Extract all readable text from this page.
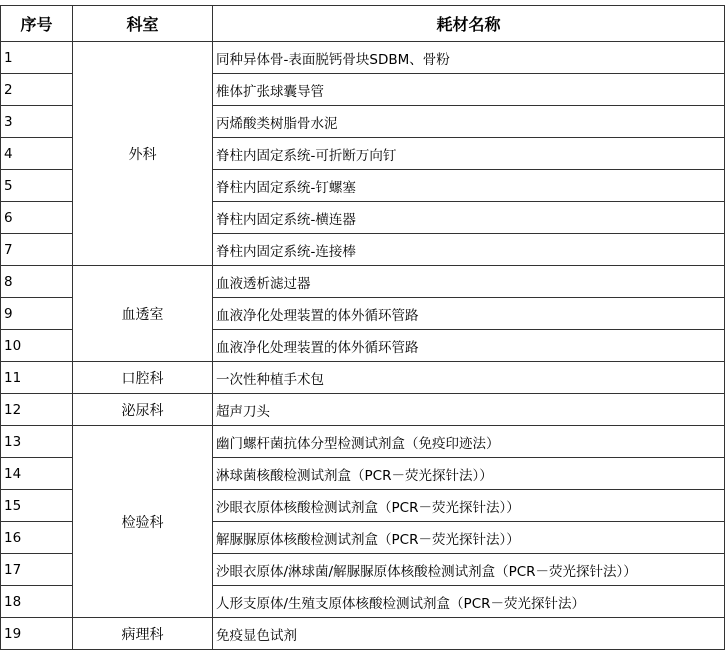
序号	科室	耗材名称
1	外科	同种异体骨-表面脱钙骨块SDBM、骨粉
2		椎体扩张球囊导管
3		丙烯酸类树脂骨水泥
4		脊柱内固定系统-可折断万向钉
5		脊柱内固定系统-钉螺塞
6		脊柱内固定系统-横连器
7		脊柱内固定系统-连接棒
8	血透室	血液透析滤过器
9		血液净化处理装置的体外循环管路
10		血液净化处理装置的体外循环管路
11	口腔科	一次性种植手术包
12	泌尿科	超声刀头
13	检验科	幽门螺杆菌抗体分型检测试剂盒（免疫印迹法）
14		淋球菌核酸检测试剂盒（PCR－荧光探针法））
15		沙眼衣原体核酸检测试剂盒（PCR－荧光探针法））
16		解脲脲原体核酸检测试剂盒（PCR－荧光探针法））
17		沙眼衣原体/淋球菌/解脲脲原体核酸检测试剂盒（PCR－荧光探针法））
18		人形支原体/生殖支原体核酸检测试剂盒（PCR－荧光探针法）
19	病理科	免疫显色试剂
